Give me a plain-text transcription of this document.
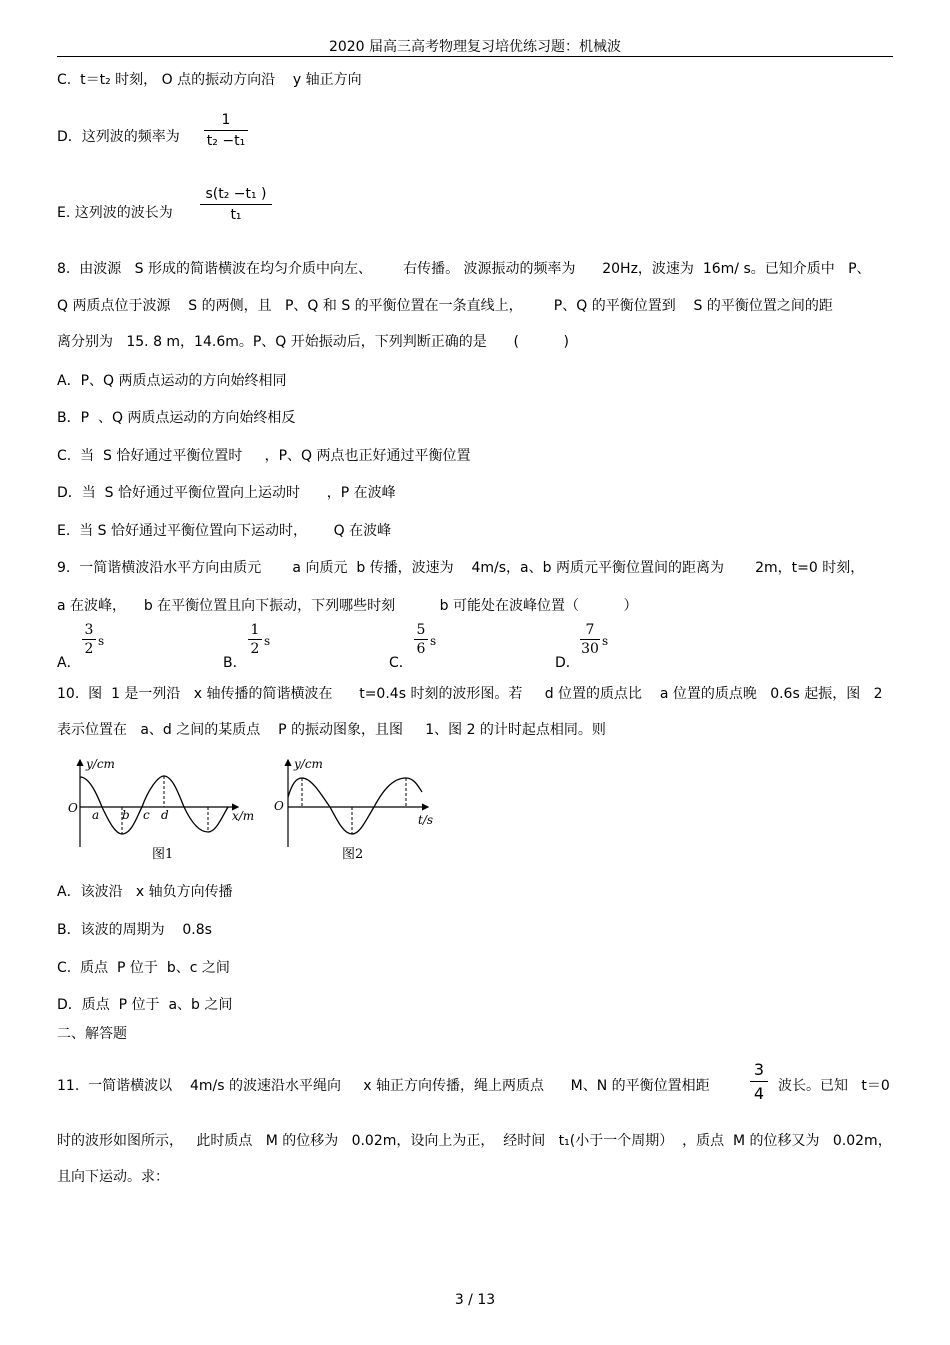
2020 届高三高考物理复习培优练习题：机械波
C.  t＝t₂ 时刻， O 点的振动方向沿    y 轴正方向
D．这列波的频率为
1
t₂ −t₁
E. 这列波的波长为
s(t₂ −t₁ )
t₁
8.  由波源   S 形成的简谐横波在均匀介质中向左、       右传播。 波源振动的频率为      20Hz，波速为  16m/ s。已知介质中   P、
Q 两质点位于波源    S 的两侧，且   P、Q 和 S 的平衡位置在一条直线上，       P、Q 的平衡位置到    S 的平衡位置之间的距
离分别为   15. 8 m，14.6m。P、Q 开始振动后，下列判断正确的是      (          )
A．P、Q 两质点运动的方向始终相同
B．P  、Q 两质点运动的方向始终相反
C.  当  S 恰好通过平衡位置时     ，P、Q 两点也正好通过平衡位置
D．当  S 恰好通过平衡位置向上运动时      ，P 在波峰
E.  当 S 恰好通过平衡位置向下运动时，      Q 在波峰
9.  一简谐横波沿水平方向由质元       a 向质元  b 传播，波速为    4m/s，a、b 两质元平衡位置间的距离为       2m，t=0 时刻，
a 在波峰，    b 在平衡位置且向下振动，下列哪些时刻          b 可能处在波峰位置（          ）
A．
3
2 s
B．
1
2 s
C．
5
6 s
D．
7
30 s
10.  图  1 是一列沿   x 轴传播的简谐横波在      t=0.4s 时刻的波形图。若     d 位置的质点比    a 位置的质点晚   0.6s 起振，图   2
表示位置在   a、d 之间的某质点    P 的振动图象，且图     1、图 2 的计时起点相同。则
y/cm
O
x/m
a b c d
图1
y/cm
O
t/s
图2
A．该波沿   x 轴负方向传播
B．该波的周期为    0.8s
C.  质点  P 位于  b、c 之间
D．质点  P 位于  a、b 之间
二、解答题
11.  一简谐横波以    4m/s 的波速沿水平绳向     x 轴正方向传播，绳上两质点      M、N 的平衡位置相距
3
4 波长。已知   t＝0
时的波形如图所示，   此时质点   M 的位移为   0.02m，设向上为正，  经时间   t₁(小于一个周期）  ，质点  M 的位移又为   0.02m，
且向下运动。求：
3 / 13
